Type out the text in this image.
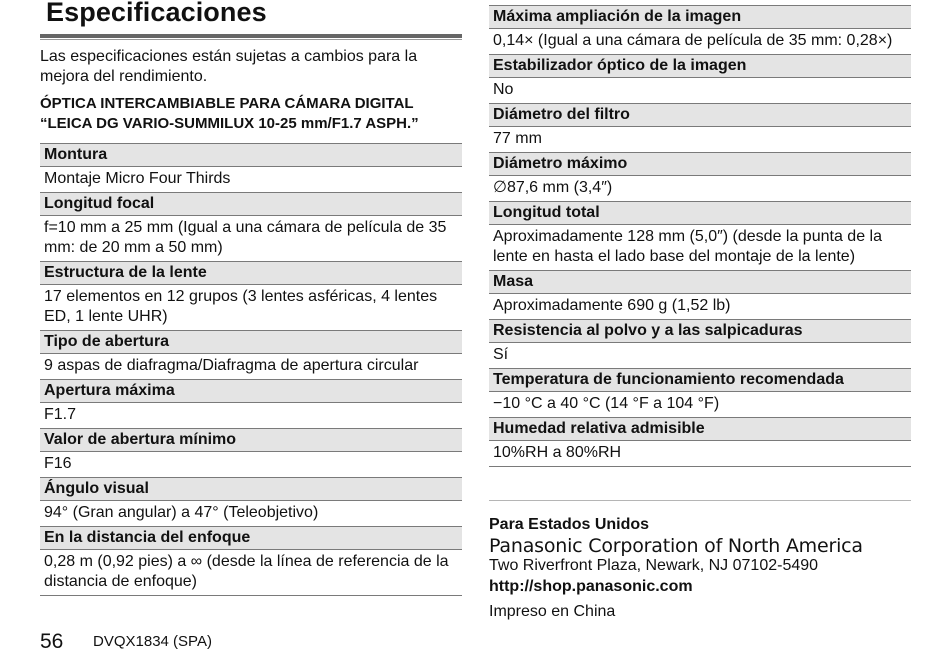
Especificaciones
Las especificaciones están sujetas a cambios para la mejora del rendimiento.
ÓPTICA INTERCAMBIABLE PARA CÁMARA DIGITAL
“LEICA DG VARIO-SUMMILUX 10-25 mm/F1.7 ASPH.”
Montura
Montaje Micro Four Thirds
Longitud focal
f=10 mm a 25 mm (Igual a una cámara de película de 35 mm: de 20 mm a 50 mm)
Estructura de la lente
17 elementos en 12 grupos (3 lentes asféricas, 4 lentes ED, 1 lente UHR)
Tipo de abertura
9 aspas de diafragma/Diafragma de apertura circular
Apertura máxima
F1.7
Valor de abertura mínimo
F16
Ángulo visual
94° (Gran angular) a 47° (Teleobjetivo)
En la distancia del enfoque
0,28 m (0,92 pies) a ∞ (desde la línea de referencia de la distancia de enfoque)
Máxima ampliación de la imagen
0,14× (Igual a una cámara de película de 35 mm: 0,28×)
Estabilizador óptico de la imagen
No
Diámetro del filtro
77 mm
Diámetro máximo
∅87,6 mm (3,4″)
Longitud total
Aproximadamente 128 mm (5,0″) (desde la punta de la lente en hasta el lado base del montaje de la lente)
Masa
Aproximadamente 690 g (1,52 lb)
Resistencia al polvo y a las salpicaduras
Sí
Temperatura de funcionamiento recomendada
−10 °C a 40 °C (14 °F a 104 °F)
Humedad relativa admisible
10%RH a 80%RH
Para Estados Unidos
Panasonic Corporation of North America
Two Riverfront Plaza, Newark, NJ 07102-5490
http://shop.panasonic.com
Impreso en China
56 DVQX1834 (SPA)
